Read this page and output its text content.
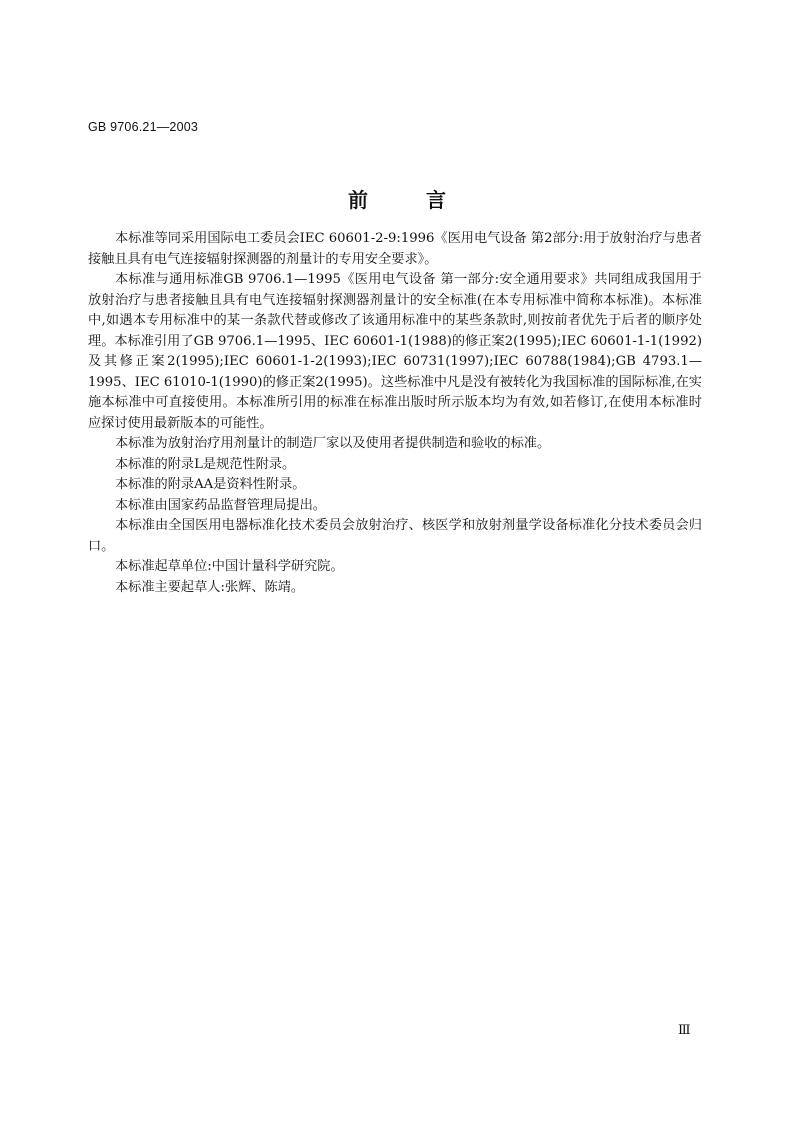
GB 9706.21—2003
前言

本标准等同采用国际电工委员会IEC 60601-2-9:1996《医用电气设备 第2部分:用于放射治疗与患者接触且具有电气连接辐射探测器的剂量计的专用安全要求》。

本标准与通用标准GB 9706.1—1995《医用电气设备 第一部分:安全通用要求》共同组成我国用于放射治疗与患者接触且具有电气连接辐射探测器剂量计的安全标准(在本专用标准中简称本标准)。本标准中,如遇本专用标准中的某一条款代替或修改了该通用标准中的某些条款时,则按前者优先于后者的顺序处理。本标准引用了GB 9706.1—1995、IEC 60601-1(1988)的修正案2(1995);IEC 60601-1-1(1992)及其修正案2(1995);IEC 60601-1-2(1993);IEC 60731(1997);IEC 60788(1984);GB 4793.1—1995、IEC 61010-1(1990)的修正案2(1995)。这些标准中凡是没有被转化为我国标准的国际标准,在实施本标准中可直接使用。本标准所引用的标准在标准出版时所示版本均为有效,如若修订,在使用本标准时应探讨使用最新版本的可能性。

本标准为放射治疗用剂量计的制造厂家以及使用者提供制造和验收的标准。

本标准的附录L是规范性附录。

本标准的附录AA是资料性附录。

本标准由国家药品监督管理局提出。

本标准由全国医用电器标准化技术委员会放射治疗、核医学和放射剂量学设备标准化分技术委员会归口。

本标准起草单位:中国计量科学研究院。

本标准主要起草人:张辉、陈靖。

Ⅲ
